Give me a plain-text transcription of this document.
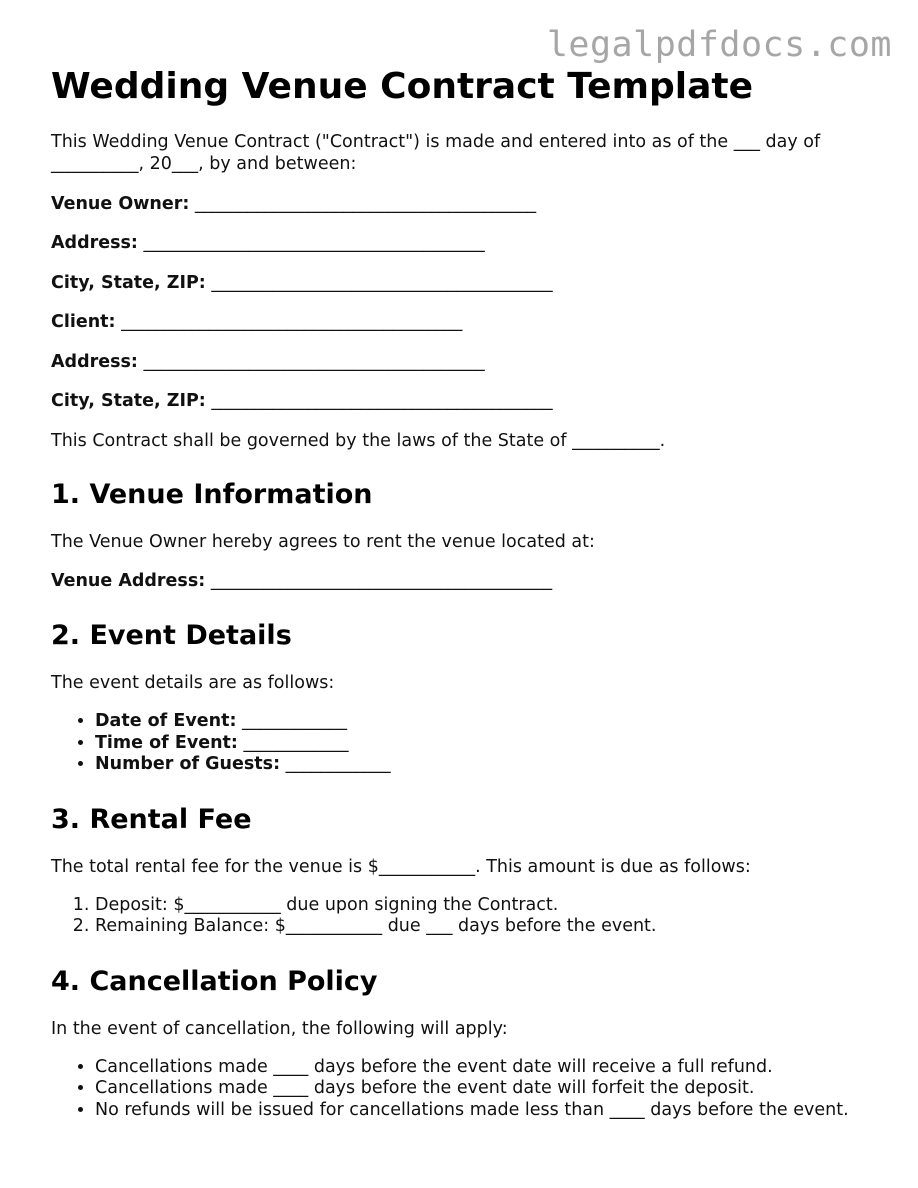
legalpdfdocs.com
Wedding Venue Contract Template

This Wedding Venue Contract ("Contract") is made and entered into as of the ___ day of __________, 20___, by and between:

Venue Owner: _______________________________________
Address: _______________________________________
City, State, ZIP: _______________________________________
Client: _______________________________________
Address: _______________________________________
City, State, ZIP: _______________________________________

This Contract shall be governed by the laws of the State of __________.

1. Venue Information

The Venue Owner hereby agrees to rent the venue located at:

Venue Address: _______________________________________
2. Event Details

The event details are as follows:

• Date of Event: ____________
• Time of Event: ____________
• Number of Guests: ____________
3. Rental Fee

The total rental fee for the venue is $___________. This amount is due as follows:

1. Deposit: $___________ due upon signing the Contract.
2. Remaining Balance: $___________ due ___ days before the event.
4. Cancellation Policy

In the event of cancellation, the following will apply:

• Cancellations made ____ days before the event date will receive a full refund.
• Cancellations made ____ days before the event date will forfeit the deposit.
• No refunds will be issued for cancellations made less than ____ days before the event.
